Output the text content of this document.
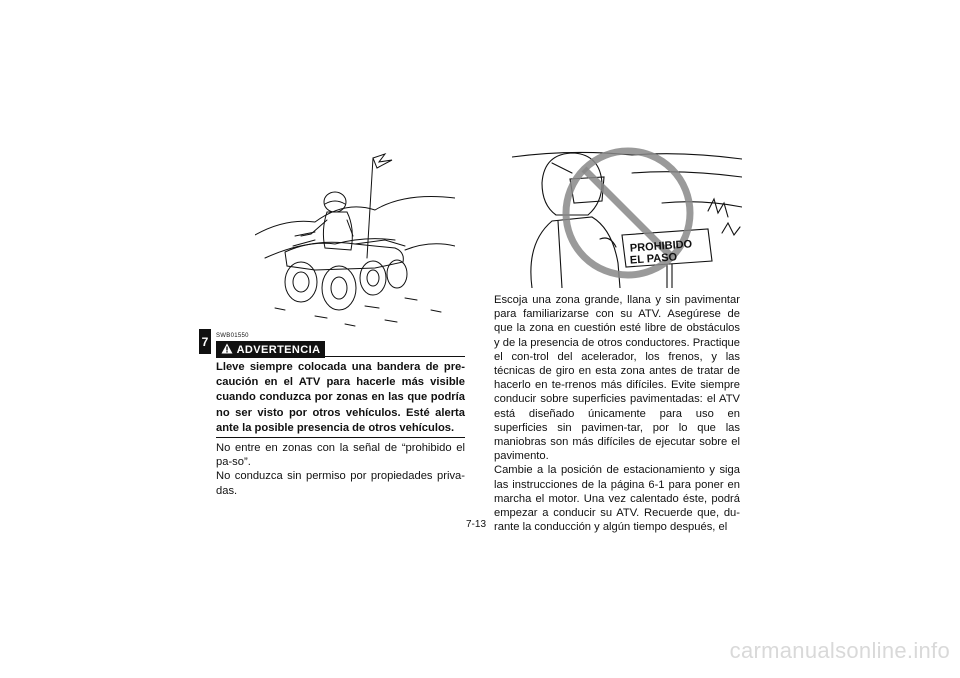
7
PROHIBIDO
EL PASO
SWB01550
ADVERTENCIA
Lleve siempre colocada una bandera de pre-caución en el ATV para hacerle más visible cuando conduzca por zonas en las que podría no ser visto por otros vehículos. Esté alerta ante la posible presencia de otros vehículos.

No entre en zonas con la señal de “prohibido el pa-so”.

No conduzca sin permiso por propiedades priva-das.

Escoja una zona grande, llana y sin pavimentar para familiarizarse con su ATV. Asegúrese de que la zona en cuestión esté libre de obstáculos y de la presencia de otros conductores. Practique el con-trol del acelerador, los frenos, y las técnicas de giro en esta zona antes de tratar de hacerlo en te-rrenos más difíciles. Evite siempre conducir sobre superficies pavimentadas: el ATV está diseñado únicamente para uso en superficies sin pavimen-tar, por lo que las maniobras son más difíciles de ejecutar sobre el pavimento.

Cambie a la posición de estacionamiento y siga las instrucciones de la página 6-1 para poner en marcha el motor. Una vez calentado éste, podrá empezar a conducir su ATV. Recuerde que, du-rante la conducción y algún tiempo después, el

7-13
carmanualsonline.info
